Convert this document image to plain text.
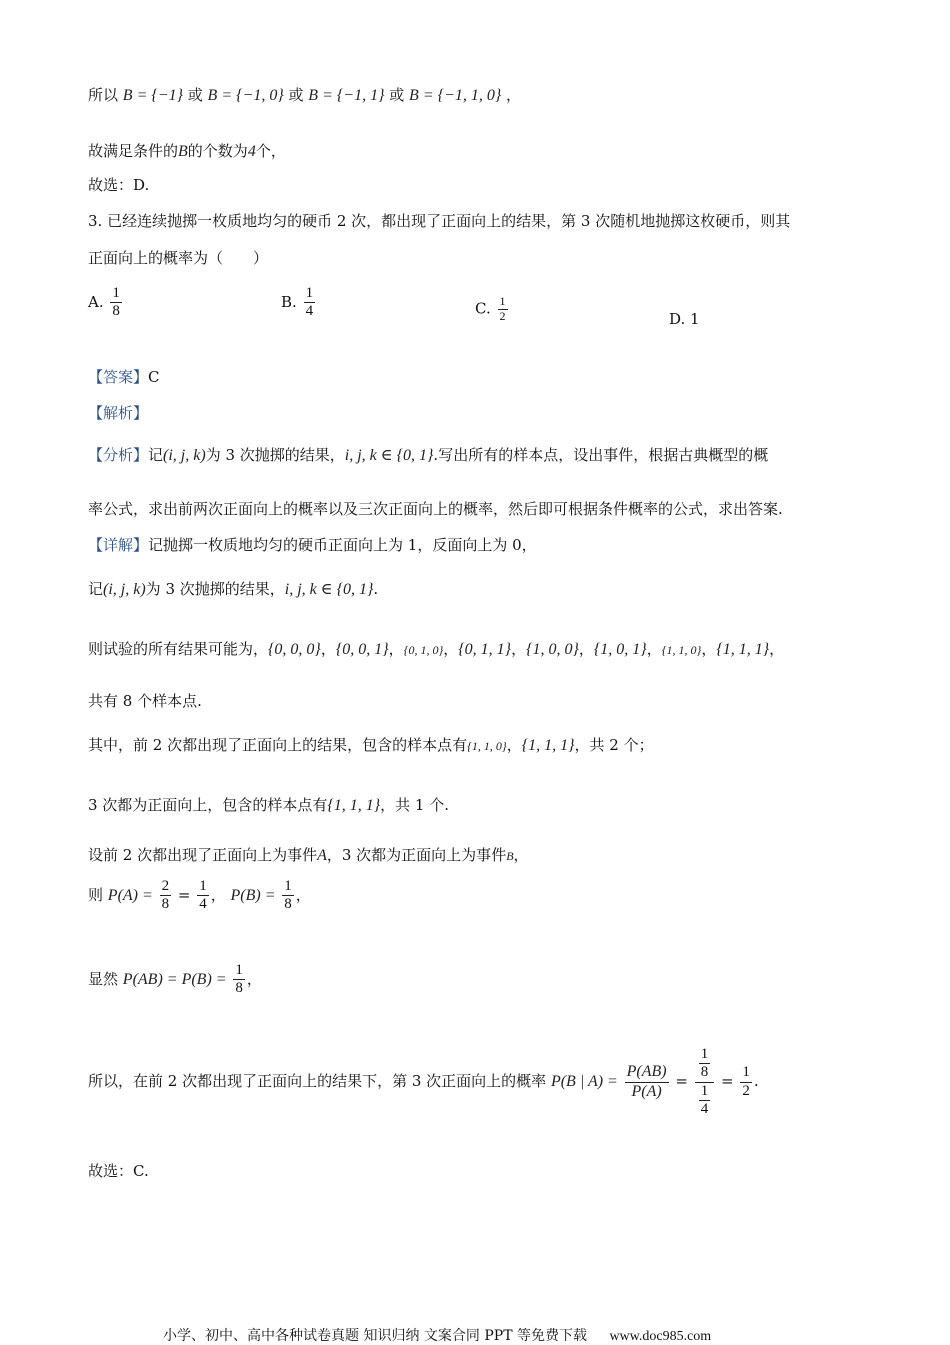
所以 B = {−1} 或 B = {−1, 0} 或 B = {−1, 1} 或 B = {−1, 1, 0} ，
故满足条件的B的个数为4个，
故选：D.
3. 已经连续抛掷一枚质地均匀的硬币 2 次，都出现了正面向上的结果，第 3 次随机地抛掷这枚硬币，则其
正面向上的概率为（　　）
A. $\frac{1}{8}$	B. $\frac{1}{4}$	C. $\frac{1}{2}$	D. 1
【答案】C
【解析】
【分析】记(i, j, k)为 3 次抛掷的结果，i, j, k ∈ {0, 1}.写出所有的样本点，设出事件，根据古典概型的概
率公式，求出前两次正面向上的概率以及三次正面向上的概率，然后即可根据条件概率的公式，求出答案.
【详解】记抛掷一枚质地均匀的硬币正面向上为 1，反面向上为 0，
记(i, j, k)为 3 次抛掷的结果，i, j, k ∈ {0, 1}.
则试验的所有结果可能为，{0, 0, 0}，{0, 0, 1}，{0, 1, 0}，{0, 1, 1}，{1, 0, 0}，{1, 0, 1}，{1, 1, 0}，{1, 1, 1}，
共有 8 个样本点.
其中，前 2 次都出现了正面向上的结果，包含的样本点有{1, 1, 0}，{1, 1, 1}，共 2 个；
3 次都为正面向上，包含的样本点有{1, 1, 1}，共 1 个.
设前 2 次都出现了正面向上为事件A，3 次都为正面向上为事件B，
则 $P(A) = \frac{2}{8} = \frac{1}{4}$ ， $P(B) = \frac{1}{8}$ ，
显然 $P(AB) = P(B) = \frac{1}{8}$ ，
所以，在前 2 次都出现了正面向上的结果下，第 3 次正面向上的概率 P(B | $A) = \frac{P(AB)}{P(A)} = \frac{\frac{1}{8}}{\frac{1}{4}} = \frac{1}{2}$ .
故选：C.
小学、初中、高中各种试卷真题 知识归纳 文案合同 PPT 等免费下载 www.doc985.com
